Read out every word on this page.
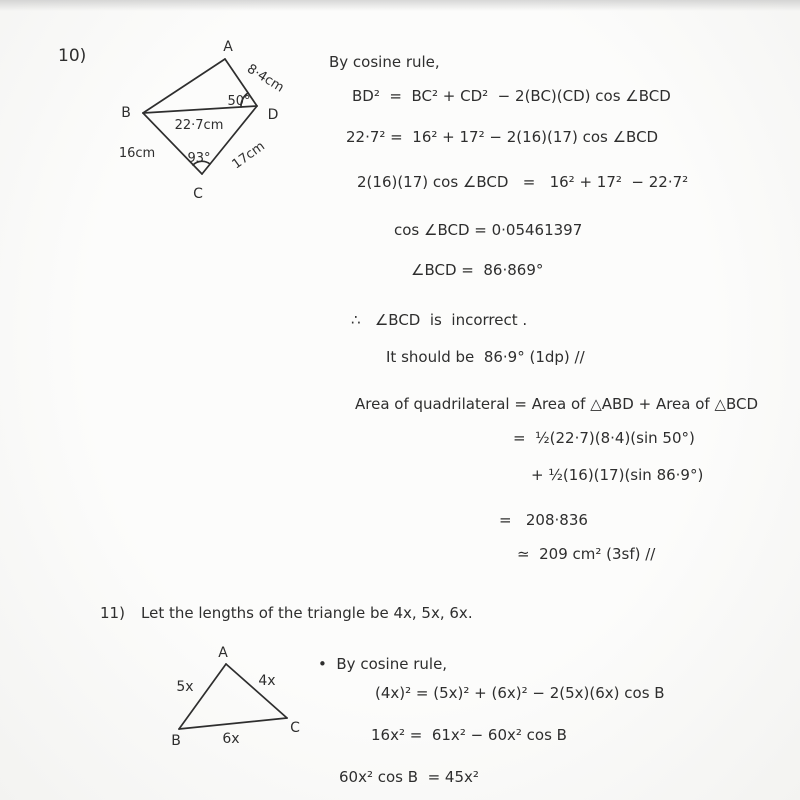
10)	A
B	D
C
8·4cm
50°
22·7cm
16cm 93° 17cm
By cosine rule,
BD²  =  BC² + CD²  − 2(BC)(CD) cos ∠BCD
22·7² =  16² + 17² − 2(16)(17) cos ∠BCD
2(16)(17) cos ∠BCD   =   16² + 17²  − 22·7²
cos ∠BCD = 0·05461397
∠BCD =  86·869°
∴   ∠BCD  is  incorrect .
It should be  86·9° (1dp) //
Area of quadrilateral = Area of △ABD + Area of △BCD
=  ½(22·7)(8·4)(sin 50°)
+ ½(16)(17)(sin 86·9°)
=   208·836
≃  209 cm² (3sf) //
11) Let the lengths of the triangle be 4x, 5x, 6x.
A
B
C
5x	4x
6x
•  By cosine rule,
(4x)² = (5x)² + (6x)² − 2(5x)(6x) cos B
16x² =  61x² − 60x² cos B
60x² cos B  = 45x²
